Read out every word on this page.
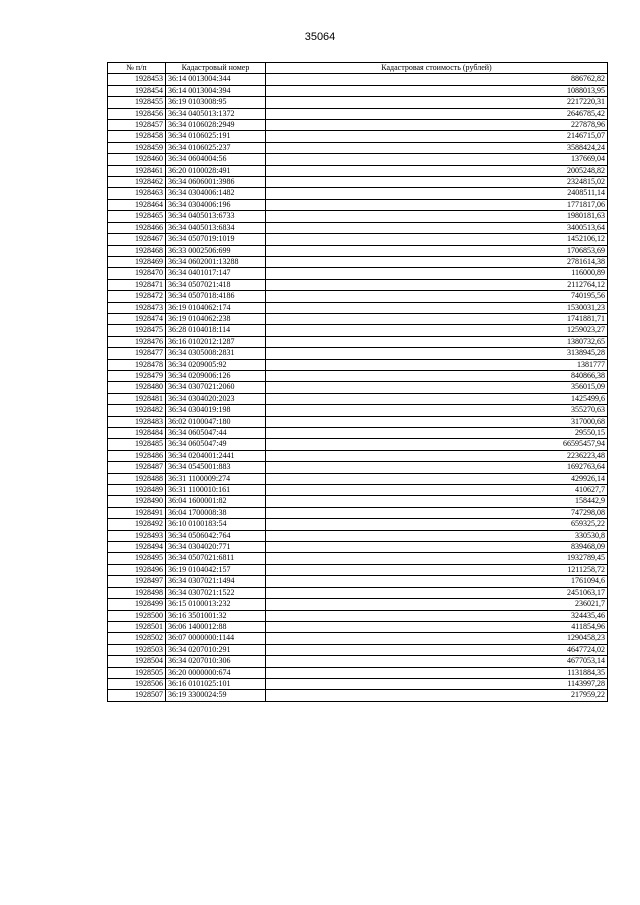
35064
№ п/п	Кадастровый номер	Кадастровая стоимость (рублей)
1928453	36:14 0013004:344	886762,82
1928454	36:14 0013004:394	1088013,95
1928455	36:19 0103008:95	2217220,31
1928456	36:34 0405013:1372	2646785,42
1928457	36:34 0106028:2949	227878,96
1928458	36:34 0106025:191	2146715,07
1928459	36:34 0106025:237	3588424,24
1928460	36:34 0604004:56	137669,04
1928461	36:20 0100028:491	2005248,82
1928462	36:34 0606001:3986	2324815,02
1928463	36:34 0304006:1482	2408511,14
1928464	36:34 0304006:196	1771817,06
1928465	36:34 0405013:6733	1980181,63
1928466	36:34 0405013:6834	3400513,64
1928467	36:34 0507019:1019	1452106,12
1928468	36:33 0002506:699	1706853,69
1928469	36:34 0602001:13288	2781614,38
1928470	36:34 0401017:147	116000,89
1928471	36:34 0507021:418	2112764,12
1928472	36:34 0507018:4186	740195,56
1928473	36:19 0104062:174	1530031,23
1928474	36:19 0104062:238	1741881,71
1928475	36:28 0104018:114	1259023,27
1928476	36:16 0102012:1287	1380732,65
1928477	36:34 0305008:2831	3138945,28
1928478	36:34 0209005:92	1381777
1928479	36:34 0209006:126	840866,38
1928480	36:34 0307021:2060	356015,09
1928481	36:34 0304020:2023	1425499,6
1928482	36:34 0304019:198	355270,63
1928483	36:02 0100047:180	317000,68
1928484	36:34 0605047:44	29550,15
1928485	36:34 0605047:49	66595457,94
1928486	36:34 0204001:2441	2236223,48
1928487	36:34 0545001:883	1692763,64
1928488	36:31 1100009:274	429926,14
1928489	36:31 1100010:161	410627,7
1928490	36:04 1600001:82	158442,9
1928491	36:04 1700008:38	747298,08
1928492	36:10 0100183:54	659325,22
1928493	36:34 0506042:764	330530,8
1928494	36:34 0304020:771	839468,09
1928495	36:34 0507021:6811	1932789,45
1928496	36:19 0104042:157	1211258,72
1928497	36:34 0307021:1494	1761094,6
1928498	36:34 0307021:1522	2451063,17
1928499	36:15 0100013:232	236021,7
1928500	36:16 3501001:32	324435,46
1928501	36:06 1400012:88	411854,96
1928502	36:07 0000000:1144	1290458,23
1928503	36:34 0207010:291	4647724,02
1928504	36:34 0207010:306	4677053,14
1928505	36:20 0000000:674	1131884,35
1928506	36:16 0101025:101	1143997,28
1928507	36:19 3300024:59	217959,22
